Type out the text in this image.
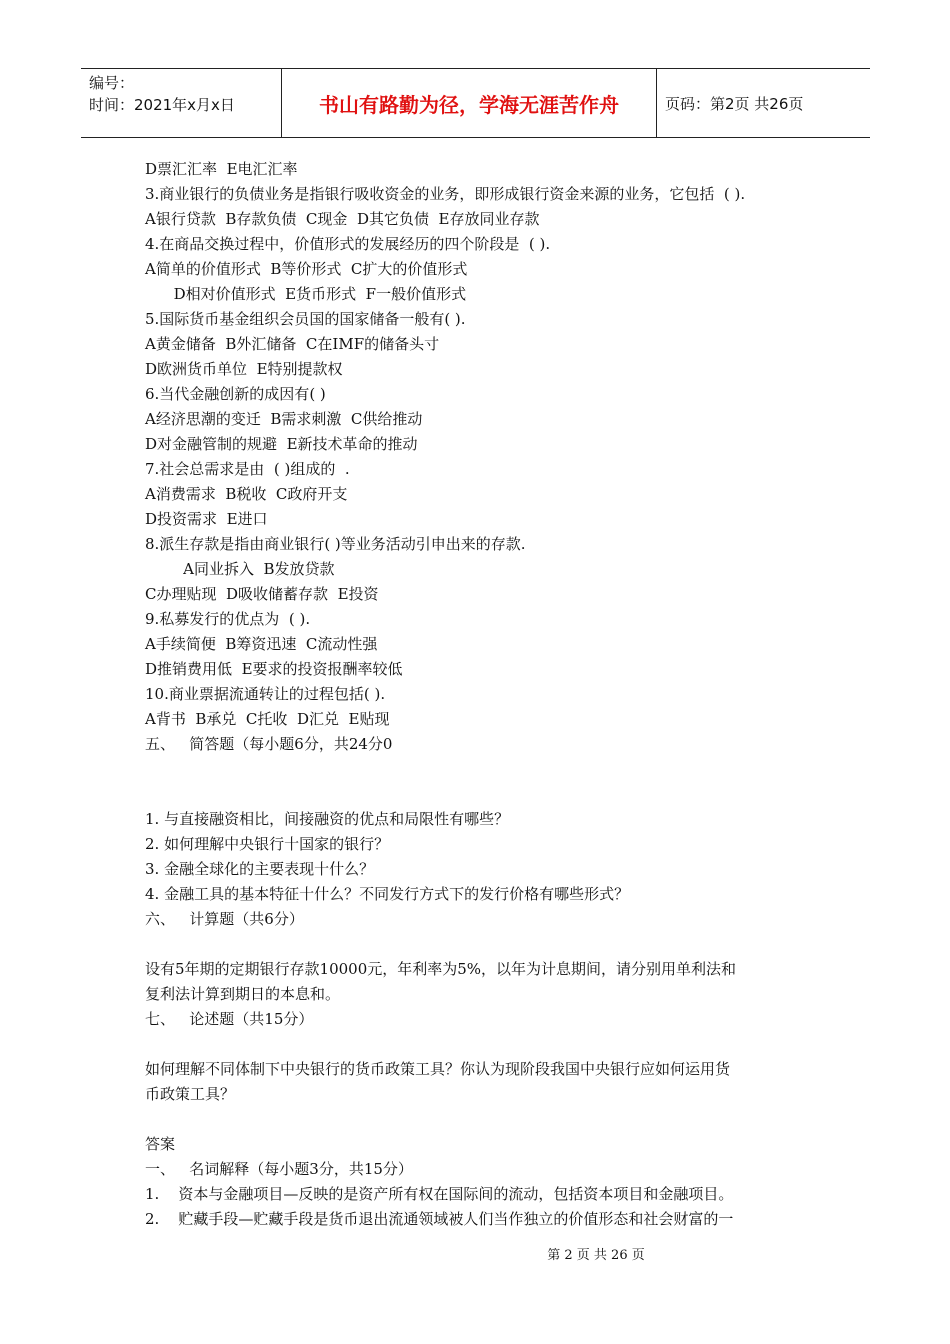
编号：
时间：2021年x月x日	书山有路勤为径，学海无涯苦作舟	页码：第2页 共26页
D票汇汇率  E电汇汇率
3.商业银行的负债业务是指银行吸收资金的业务，即形成银行资金来源的业务，它包括  ( ).
A银行贷款  B存款负债  C现金  D其它负债  E存放同业存款
4.在商品交换过程中，价值形式的发展经历的四个阶段是  ( ).
A简单的价值形式  B等价形式  C扩大的价值形式
D相对价值形式  E货币形式  F一般价值形式
5.国际货币基金组织会员国的国家储备一般有( ).
A黄金储备  B外汇储备  C在IMF的储备头寸
D欧洲货币单位  E特别提款权
6.当代金融创新的成因有( )
A经济思潮的变迁  B需求刺激  C供给推动
D对金融管制的规避  E新技术革命的推动
7.社会总需求是由  ( )组成的  .
A消费需求  B税收  C政府开支
D投资需求  E进口
8.派生存款是指由商业银行( )等业务活动引申出来的存款.
A同业拆入  B发放贷款
C办理贴现  D吸收储蓄存款  E投资
9.私募发行的优点为  ( ).
A手续简便  B筹资迅速  C流动性强
D推销费用低  E要求的投资报酬率较低
10.商业票据流通转让的过程包括( ).
A背书  B承兑  C托收  D汇兑  E贴现
五、   简答题（每小题6分，共24分0
1. 与直接融资相比，间接融资的优点和局限性有哪些？
2. 如何理解中央银行十国家的银行？
3. 金融全球化的主要表现十什么？
4. 金融工具的基本特征十什么？不同发行方式下的发行价格有哪些形式？
六、   计算题（共6分）
设有5年期的定期银行存款10000元，年利率为5%，以年为计息期间，请分别用单利法和
复利法计算到期日的本息和。
七、   论述题（共15分）
如何理解不同体制下中央银行的货币政策工具？你认为现阶段我国中央银行应如何运用货
币政策工具？
答案
一、   名词解释（每小题3分，共15分）
1.    资本与金融项目—反映的是资产所有权在国际间的流动，包括资本项目和金融项目。
2.    贮藏手段—贮藏手段是货币退出流通领域被人们当作独立的价值形态和社会财富的一
第 2 页 共 26 页
